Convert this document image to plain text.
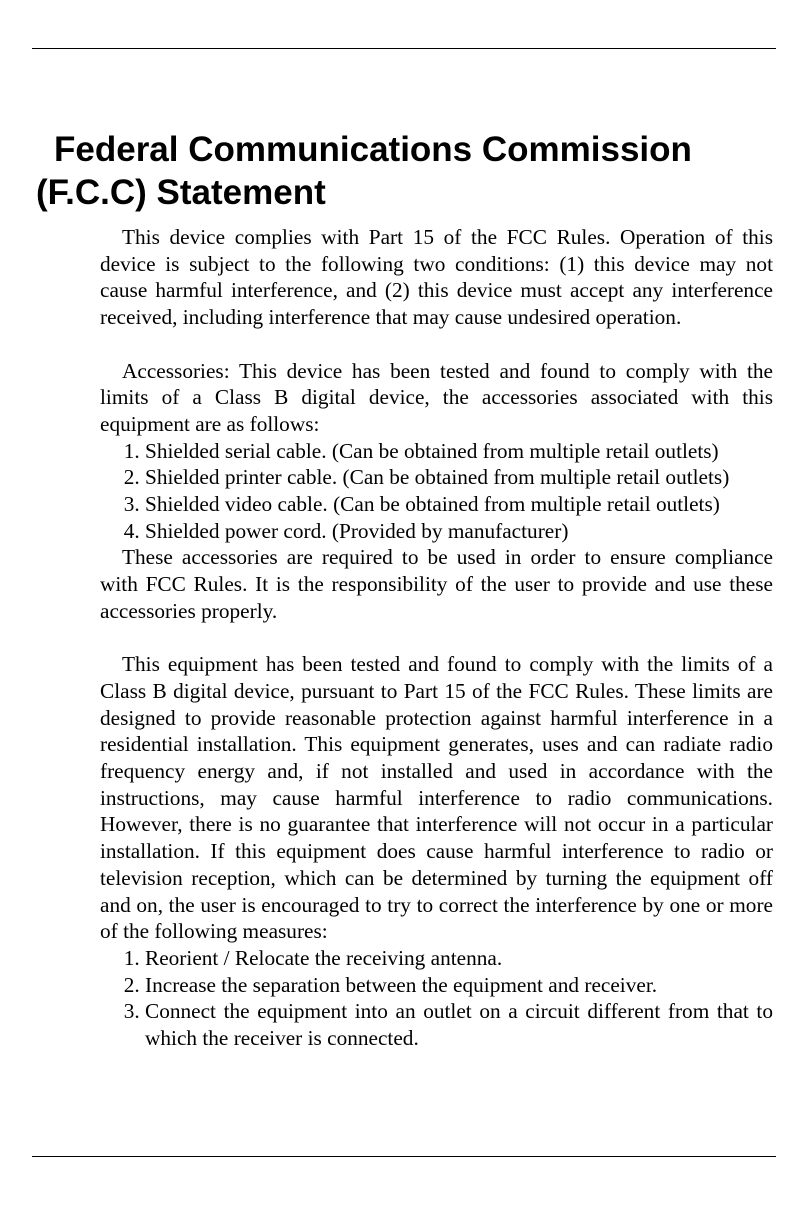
Federal Communications Commission
(F.C.C) Statement

This device complies with Part 15 of the FCC Rules. Operation of this device is subject to the following two conditions: (1) this device may not cause harmful interference, and (2) this device must accept any interference received, including interference that may cause undesired operation.

Accessories: This device has been tested and found to comply with the limits of a Class B digital device, the accessories associated with this equipment are as follows:

1. Shielded serial cable. (Can be obtained from multiple retail outlets)
2. Shielded printer cable. (Can be obtained from multiple retail outlets)
3. Shielded video cable. (Can be obtained from multiple retail outlets)
4. Shielded power cord. (Provided by manufacturer)

These accessories are required to be used in order to ensure compliance with FCC Rules. It is the responsibility of the user to provide and use these accessories properly.

This equipment has been tested and found to comply with the limits of a Class B digital device, pursuant to Part 15 of the FCC Rules. These limits are designed to provide reasonable protection against harmful interference in a residential installation. This equipment generates, uses and can radiate radio frequency energy and, if not installed and used in accordance with the instructions, may cause harmful interference to radio communications. However, there is no guarantee that interference will not occur in a particular installation. If this equipment does cause harmful interference to radio or television reception, which can be determined by turning the equipment off and on, the user is encouraged to try to correct the interference by one or more of the following measures:

1. Reorient / Relocate the receiving antenna.
2. Increase the separation between the equipment and receiver.
3. Connect the equipment into an outlet on a circuit different from that to which the receiver is connected.
